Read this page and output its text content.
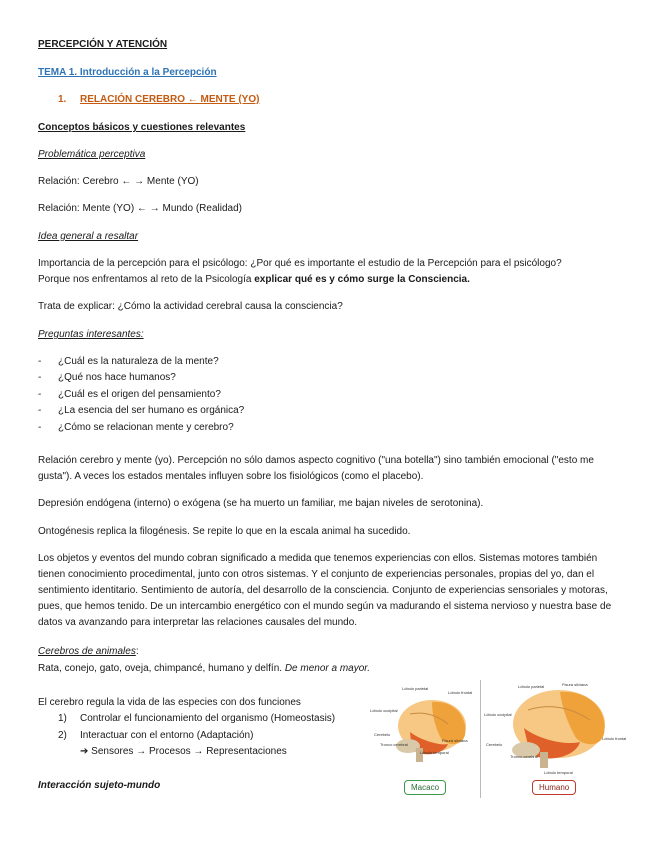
PERCEPCIÓN Y ATENCIÓN
TEMA 1. Introducción a la Percepción
1. RELACIÓN CEREBRO ← MENTE (YO)
Conceptos básicos y cuestiones relevantes
Problemática perceptiva
Relación: Cerebro ← → Mente (YO)
Relación: Mente (YO) ← → Mundo (Realidad)
Idea general a resaltar
Importancia de la percepción para el psicólogo: ¿Por qué es importante el estudio de la Percepción para el psicólogo?
Porque nos enfrentamos al reto de la Psicología explicar qué es y cómo surge la Consciencia.
Trata de explicar: ¿Cómo la actividad cerebral causa la consciencia?
Preguntas interesantes:
- ¿Cuál es la naturaleza de la mente?
- ¿Qué nos hace humanos?
- ¿Cuál es el origen del pensamiento?
- ¿La esencia del ser humano es orgánica?
- ¿Cómo se relacionan mente y cerebro?
Relación cerebro y mente (yo). Percepción no sólo damos aspecto cognitivo ("una botella") sino también emocional ("esto me gusta"). A veces los estados mentales influyen sobre los fisiológicos (como el placebo).
Depresión endógena (interno) o exógena (se ha muerto un familiar, me bajan niveles de serotonina).
Ontogénesis replica la filogénesis. Se repite lo que en la escala animal ha sucedido.
Los objetos y eventos del mundo cobran significado a medida que tenemos experiencias con ellos. Sistemas motores también tienen conocimiento procedimental, junto con otros sistemas. Y el conjunto de experiencias personales, propias del yo, dan el sentimiento identitario. Sentimiento de autoría, del desarrollo de la consciencia. Conjunto de experiencias sensoriales y motoras, pues, que hemos tenido. De un intercambio energético con el mundo según va madurando el sistema nervioso y nuestra base de datos va avanzando para interpretar las relaciones causales del mundo.
Cerebros de animales:
Rata, conejo, gato, oveja, chimpancé, humano y delfín. De menor a mayor.
El cerebro regula la vida de las especies con dos funciones
1) Controlar el funcionamiento del organismo (Homeostasis)
2) Interactuar con el entorno (Adaptación)
➔ Sensores → Procesos → Representaciones
Interacción sujeto-mundo
Lóbulo parietal
Lóbulo frontal
Lóbulo occipital
Cerebelo
Tronco cerebral
Lóbulo temporal
Fisura silviana
Macaco
Lóbulo parietal	Fisura silviana
Lóbulo occipital
Lóbulo frontal
Cerebelo
Tronco cerebral
Lóbulo temporal
Humano
